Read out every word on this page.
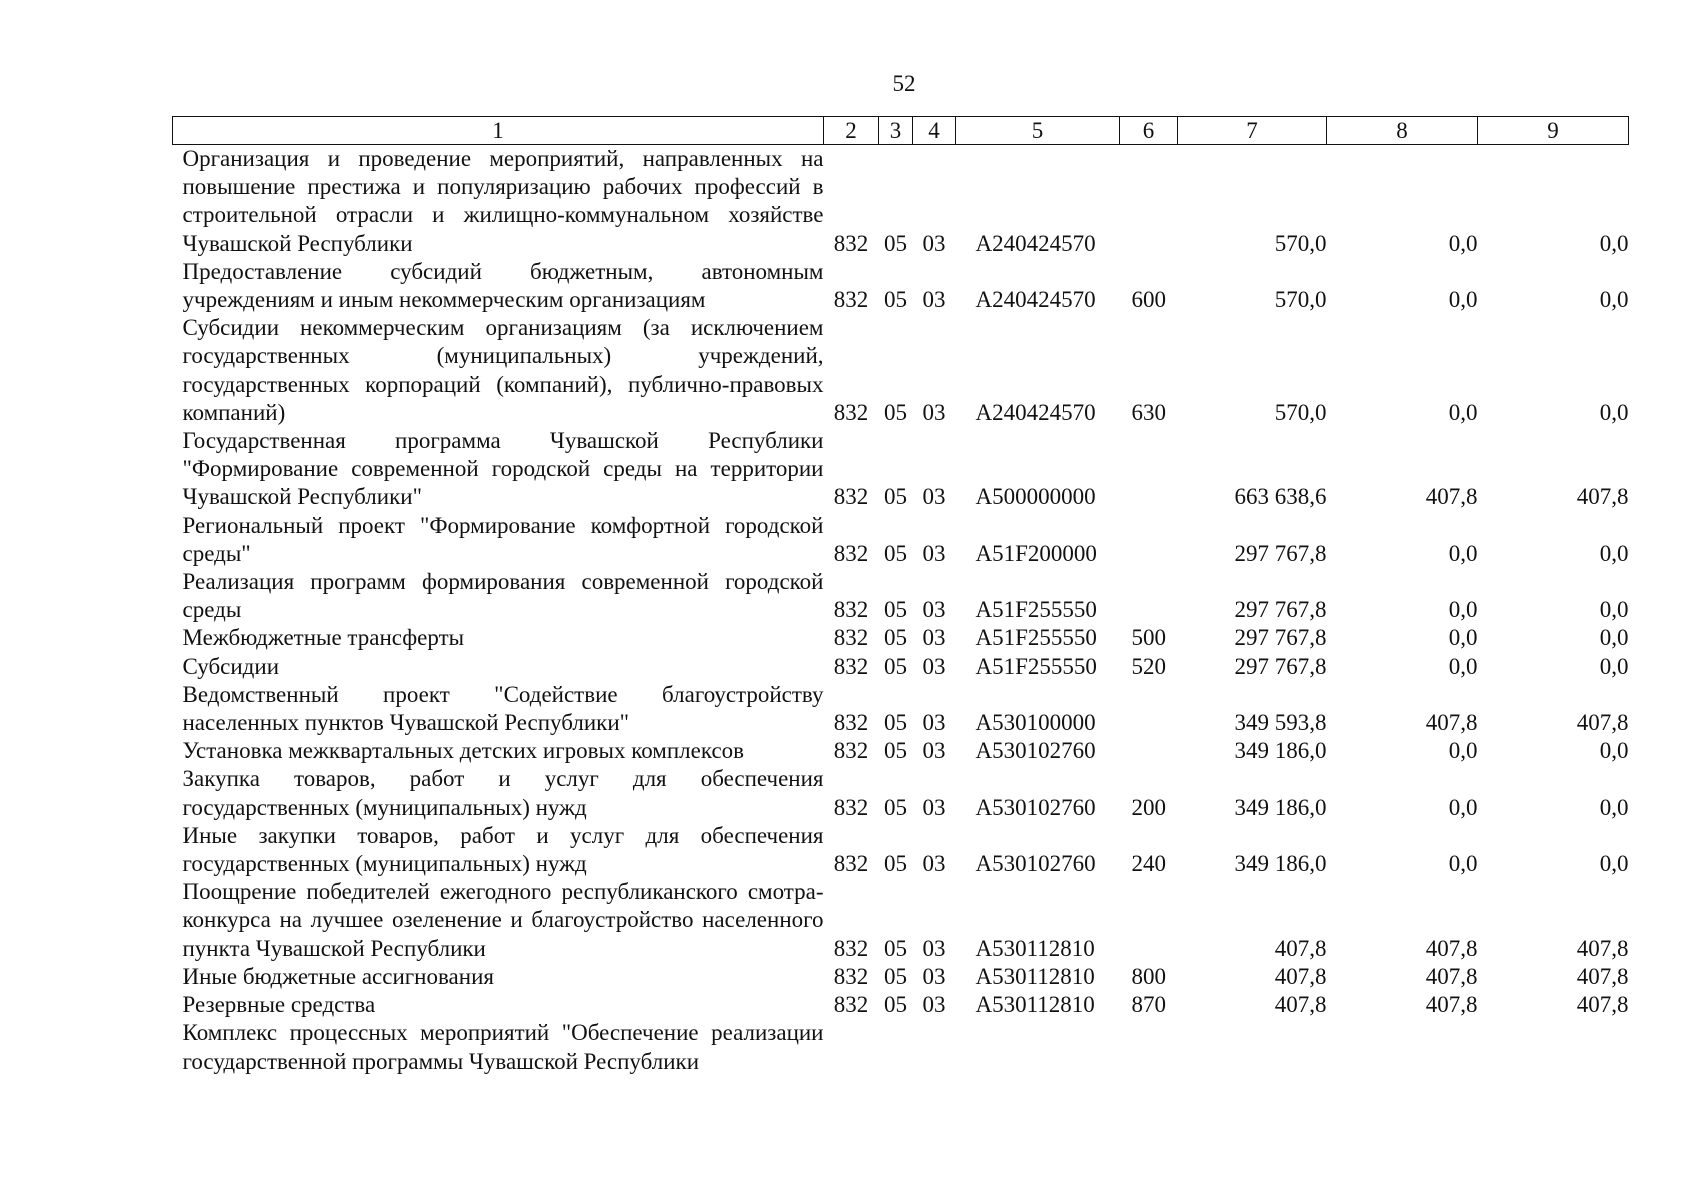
52
1	2	3	4	5	6	7	8	9
Организация и проведение мероприятий, направленных на повышение престижа и популяризацию рабочих профессий в строительной отрасли и жилищно-коммунальном хозяйстве Чувашской Республики	832	05	03	A240424570		570,0	0,0	0,0
Предоставление субсидий бюджетным, автономным учреждениям и иным некоммерческим организациям	832	05	03	A240424570	600	570,0	0,0	0,0
Субсидии некоммерческим организациям (за исключением государственных (муниципальных) учреждений, государственных корпораций (компаний), публично-правовых компаний)	832	05	03	A240424570	630	570,0	0,0	0,0
Государственная программа Чувашской Республики "Формирование современной городской среды на территории Чувашской Республики"	832	05	03	A500000000		663 638,6	407,8	407,8
Региональный проект "Формирование комфортной городской среды"	832	05	03	A51F200000		297 767,8	0,0	0,0
Реализация программ формирования современной городской среды	832	05	03	A51F255550		297 767,8	0,0	0,0
Межбюджетные трансферты	832	05	03	A51F255550	500	297 767,8	0,0	0,0
Субсидии	832	05	03	A51F255550	520	297 767,8	0,0	0,0
Ведомственный проект "Содействие благоустройству населенных пунктов Чувашской Республики"	832	05	03	A530100000		349 593,8	407,8	407,8
Установка межквартальных детских игровых комплексов	832	05	03	A530102760		349 186,0	0,0	0,0
Закупка товаров, работ и услуг для обеспечения государственных (муниципальных) нужд	832	05	03	A530102760	200	349 186,0	0,0	0,0
Иные закупки товаров, работ и услуг для обеспечения государственных (муниципальных) нужд	832	05	03	A530102760	240	349 186,0	0,0	0,0
Поощрение победителей ежегодного республиканского смотра-конкурса на лучшее озеленение и благоустройство населенного пункта Чувашской Республики	832	05	03	A530112810		407,8	407,8	407,8
Иные бюджетные ассигнования	832	05	03	A530112810	800	407,8	407,8	407,8
Резервные средства	832	05	03	A530112810	870	407,8	407,8	407,8
Комплекс процессных мероприятий "Обеспечение реализации государственной программы Чувашской Республики								
